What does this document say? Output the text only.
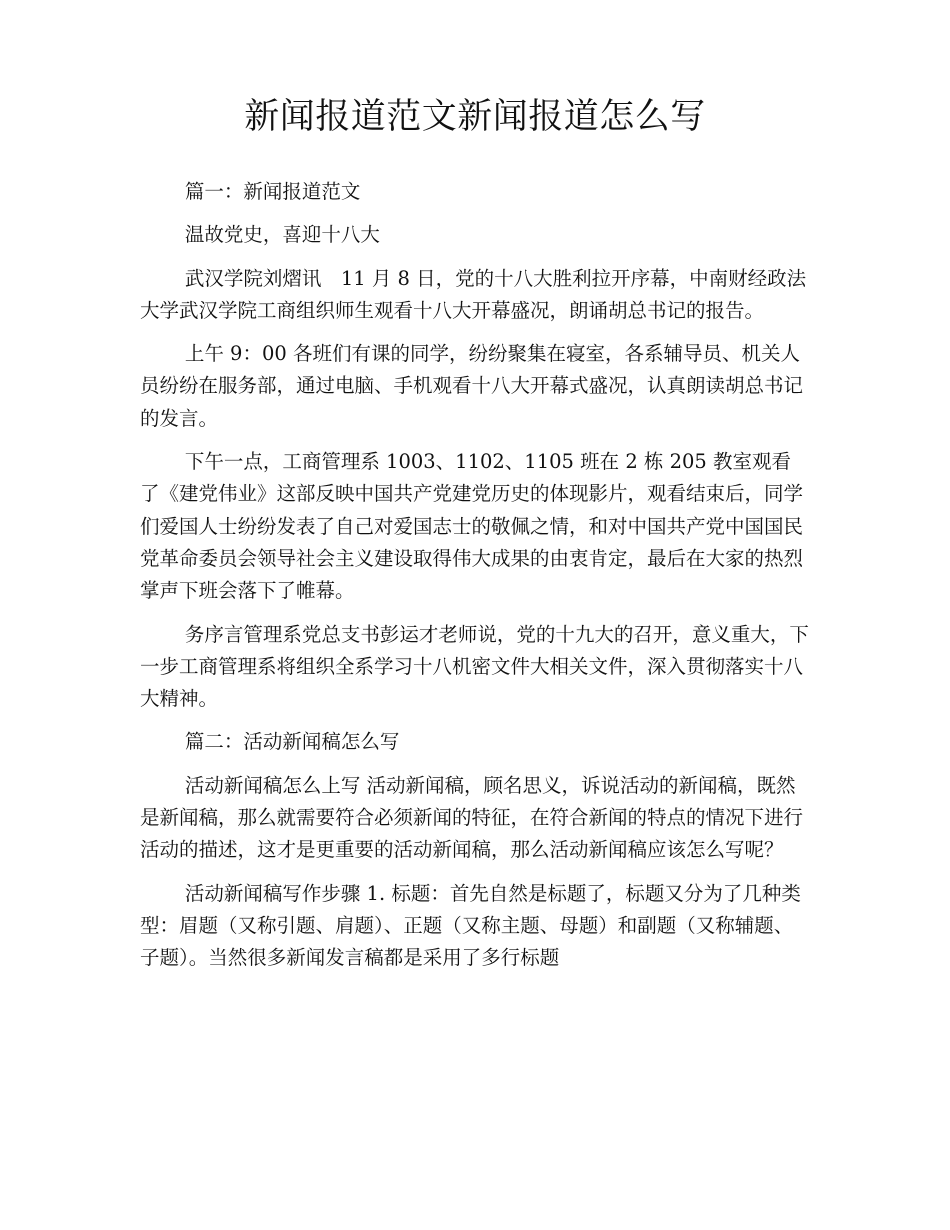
新闻报道范文新闻报道怎么写

篇一：新闻报道范文

温故党史，喜迎十八大

武汉学院刘熠讯　11 月 8 日，党的十八大胜利拉开序幕，中南财经政法大学武汉学院工商组织师生观看十八大开幕盛况，朗诵胡总书记的报告。

上午 9：00 各班们有课的同学，纷纷聚集在寝室，各系辅导员、机关人员纷纷在服务部，通过电脑、手机观看十八大开幕式盛况，认真朗读胡总书记的发言。

下午一点，工商管理系 1003、1102、1105 班在 2 栋 205 教室观看了《建党伟业》这部反映中国共产党建党历史的体现影片，观看结束后，同学们爱国人士纷纷发表了自己对爱国志士的敬佩之情，和对中国共产党中国国民党革命委员会领导社会主义建设取得伟大成果的由衷肯定，最后在大家的热烈掌声下班会落下了帷幕。

务序言管理系党总支书彭运才老师说，党的十九大的召开，意义重大，下一步工商管理系将组织全系学习十八机密文件大相关文件，深入贯彻落实十八大精神。

篇二：活动新闻稿怎么写

活动新闻稿怎么上写 活动新闻稿，顾名思义，诉说活动的新闻稿，既然是新闻稿，那么就需要符合必须新闻的特征，在符合新闻的特点的情况下进行活动的描述，这才是更重要的活动新闻稿，那么活动新闻稿应该怎么写呢？

活动新闻稿写作步骤 1. 标题：首先自然是标题了，标题又分为了几种类型：眉题（又称引题、肩题）、正题（又称主题、母题）和副题（又称辅题、子题）。当然很多新闻发言稿都是采用了多行标题
